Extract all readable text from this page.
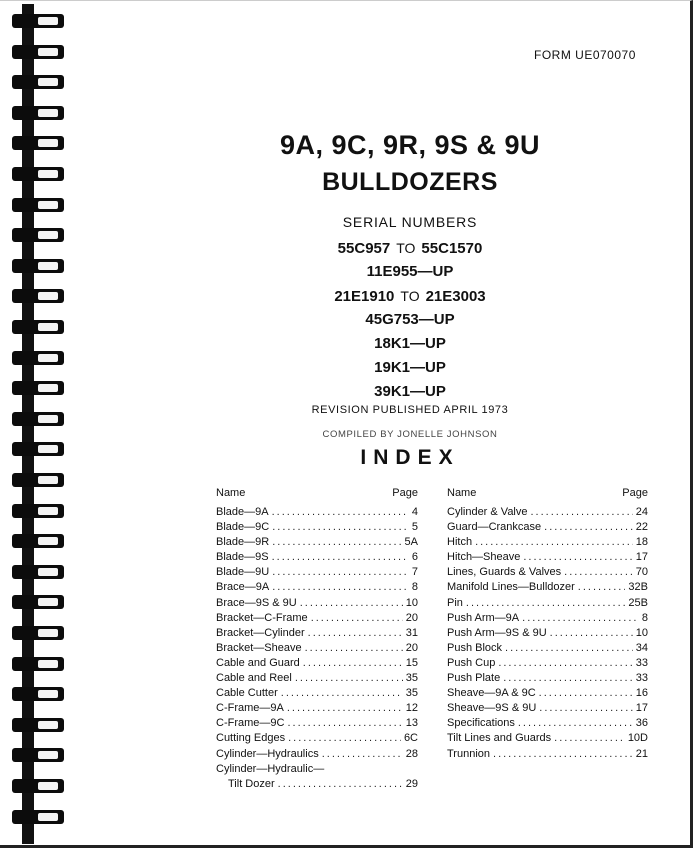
FORM UE070070
9A, 9C, 9R, 9S & 9U
BULLDOZERS
SERIAL NUMBERS
55C957 TO 55C1570
11E955—UP
21E1910 TO 21E3003
45G753—UP
18K1—UP
19K1—UP
39K1—UP
REVISION PUBLISHED APRIL 1973
COMPILED BY JONELLE JOHNSON
INDEX
Name	Page
Blade—9A .....	4
Blade—9C .....	5
Blade—9R .....	5A
Blade—9S .....	6
Blade—9U .....	7
Brace—9A .....	8
Brace—9S & 9U .....	10
Bracket—C-Frame .....	20
Bracket—Cylinder .....	31
Bracket—Sheave .....	20
Cable and Guard .....	15
Cable and Reel .....	35
Cable Cutter .....	35
C-Frame—9A .....	12
C-Frame—9C .....	13
Cutting Edges .....	6C
Cylinder—Hydraulics .....	28
Cylinder—Hydraulic—
Tilt Dozer .....	29
Name	Page
Cylinder & Valve .....	24
Guard—Crankcase .....	22
Hitch .....	18
Hitch—Sheave .....	17
Lines, Guards & Valves .....	70
Manifold Lines—Bulldozer .....	32B
Pin .....	25B
Push Arm—9A .....	8
Push Arm—9S & 9U .....	10
Push Block .....	34
Push Cup .....	33
Push Plate .....	33
Sheave—9A & 9C .....	16
Sheave—9S & 9U .....	17
Specifications .....	36
Tilt Lines and Guards .....	10D
Trunnion .....	21
